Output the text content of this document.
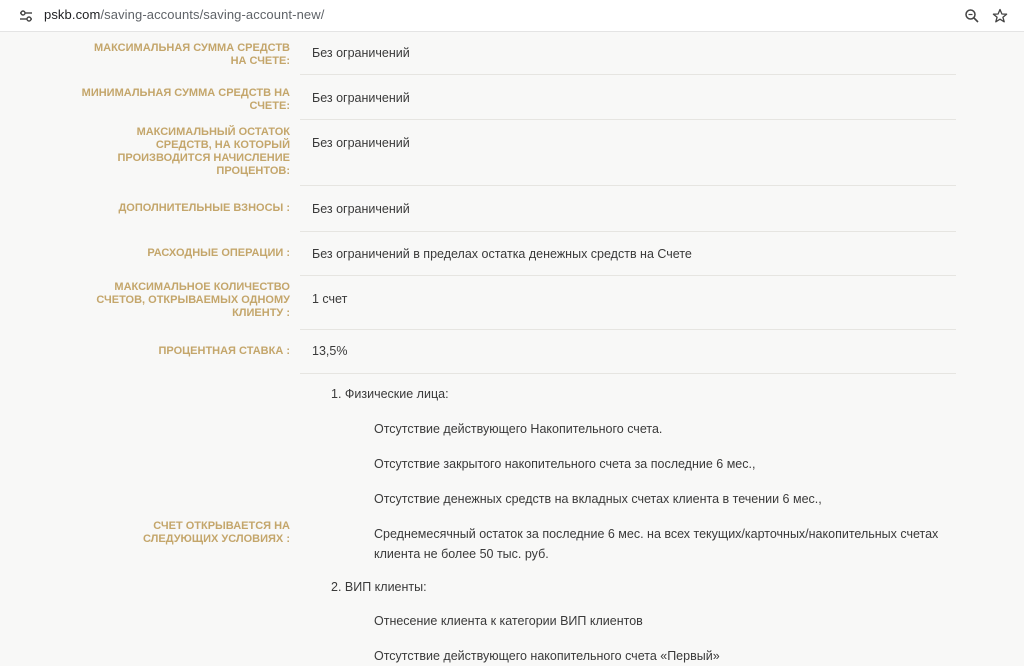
pskb.com/saving-accounts/saving-account-new/
МАКСИМАЛЬНАЯ СУММА СРЕДСТВ НА СЧЕТЕ:
Без ограничений
МИНИМАЛЬНАЯ СУММА СРЕДСТВ НА СЧЕТЕ:
Без ограничений
МАКСИМАЛЬНЫЙ ОСТАТОК СРЕДСТВ, НА КОТОРЫЙ ПРОИЗВОДИТСЯ НАЧИСЛЕНИЕ ПРОЦЕНТОВ:
Без ограничений
ДОПОЛНИТЕЛЬНЫЕ ВЗНОСЫ : Без ограничений
РАСХОДНЫЕ ОПЕРАЦИИ : Без ограничений в пределах остатка денежных средств на Счете
МАКСИМАЛЬНОЕ КОЛИЧЕСТВО СЧЕТОВ, ОТКРЫВАЕМЫХ ОДНОМУ КЛИЕНТУ :
1 счет
ПРОЦЕНТНАЯ СТАВКА : 13,5%
СЧЕТ ОТКРЫВАЕТСЯ НА СЛЕДУЮЩИХ УСЛОВИЯХ :
1. Физические лица:
Отсутствие действующего Накопительного счета.
Отсутствие закрытого накопительного счета за последние 6 мес.,
Отсутствие денежных средств на вкладных счетах клиента в течении 6 мес.,
Среднемесячный остаток за последние 6 мес. на всех текущих/карточных/накопительных счетах клиента не более 50 тыс. руб.
2. ВИП клиенты:
Отнесение клиента к категории ВИП клиентов
Отсутствие действующего накопительного счета «Первый»
